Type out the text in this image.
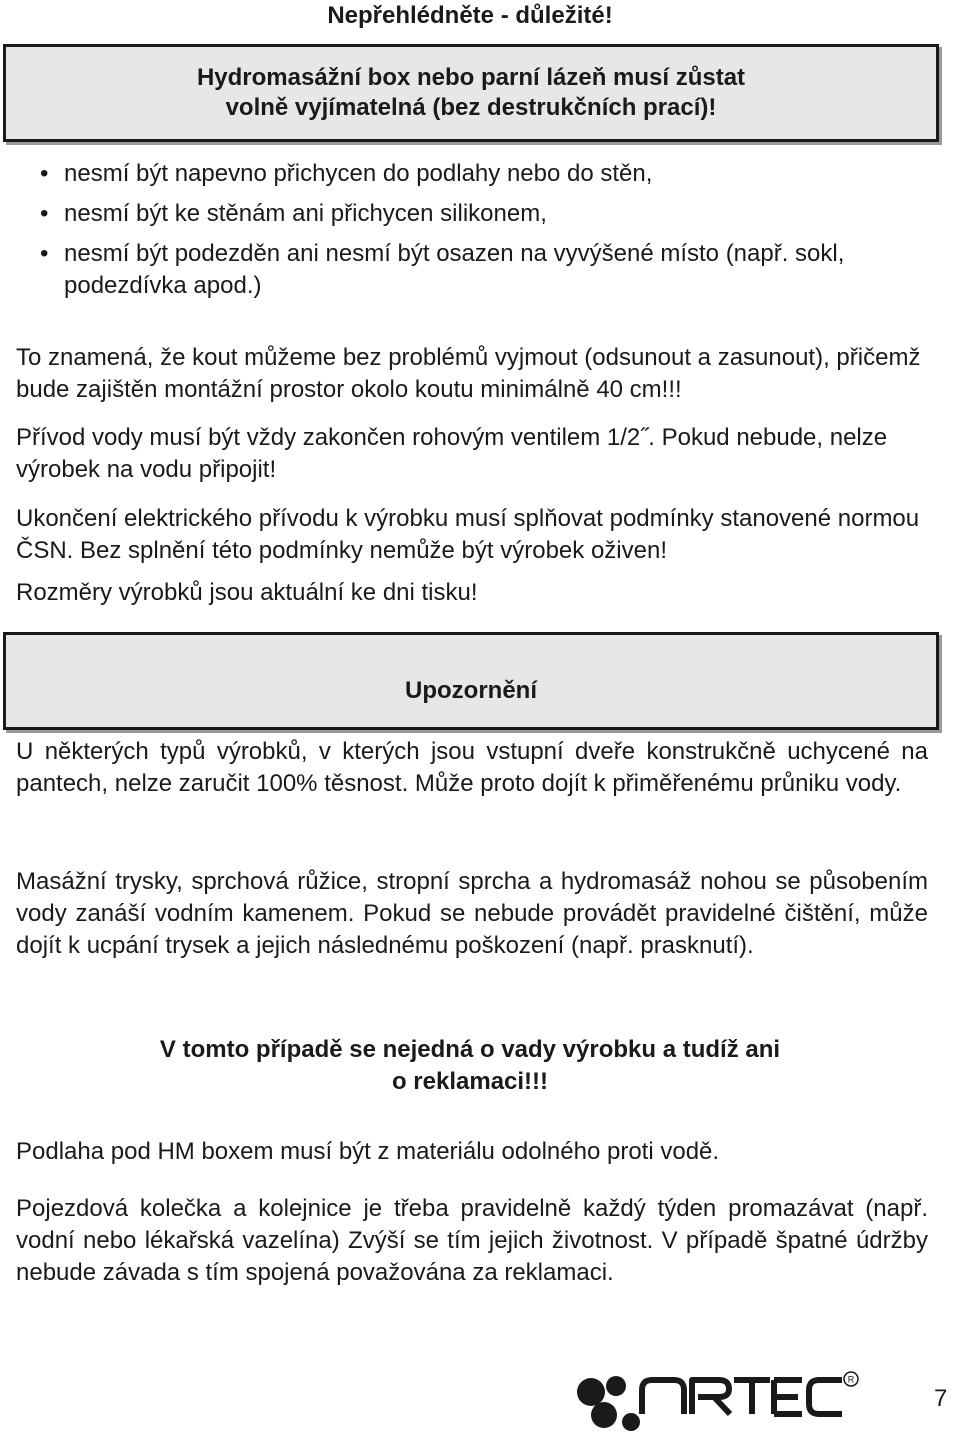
Nepřehlédněte - důležité!
Hydromasážní box nebo parní lázeň musí zůstat
volně vyjímatelná (bez destrukčních prací)!
• nesmí být napevno přichycen do podlahy nebo do stěn,
• nesmí být ke stěnám ani přichycen silikonem,
• nesmí být podezděn ani nesmí být osazen na vyvýšené místo (např. sokl, podezdívka apod.)

To znamená, že kout můžeme bez problémů vyjmout (odsunout a zasunout), přičemž bude zajištěn montážní prostor okolo koutu minimálně 40 cm!!!

Přívod vody musí být vždy zakončen rohovým ventilem 1/2˝. Pokud nebude, nelze výrobek na vodu připojit!

Ukončení elektrického přívodu k výrobku musí splňovat podmínky stanovené normou ČSN. Bez splnění této podmínky nemůže být výrobek oživen!

Rozměry výrobků jsou aktuální ke dni tisku!

Upozornění

U některých typů výrobků, v kterých jsou vstupní dveře konstrukčně uchycené na pantech, nelze zaručit 100% těsnost. Může proto dojít k přiměřenému průniku vody.

Masážní trysky, sprchová růžice, stropní sprcha a hydromasáž nohou se působením vody zanáší vodním kamenem. Pokud se nebude provádět pravidelné čištění, může dojít k ucpání trysek a jejich následnému poškození (např. prasknutí).

V tomto případě se nejedná o vady výrobku a tudíž ani
o reklamaci!!!

Podlaha pod HM boxem musí být z materiálu odolného proti vodě.

Pojezdová kolečka a kolejnice je třeba pravidelně každý týden promazávat (např. vodní nebo lékařská vazelína) Zvýší se tím jejich životnost. V případě špatné údržby nebude závada s tím spojená považována za reklamaci.

R
7
